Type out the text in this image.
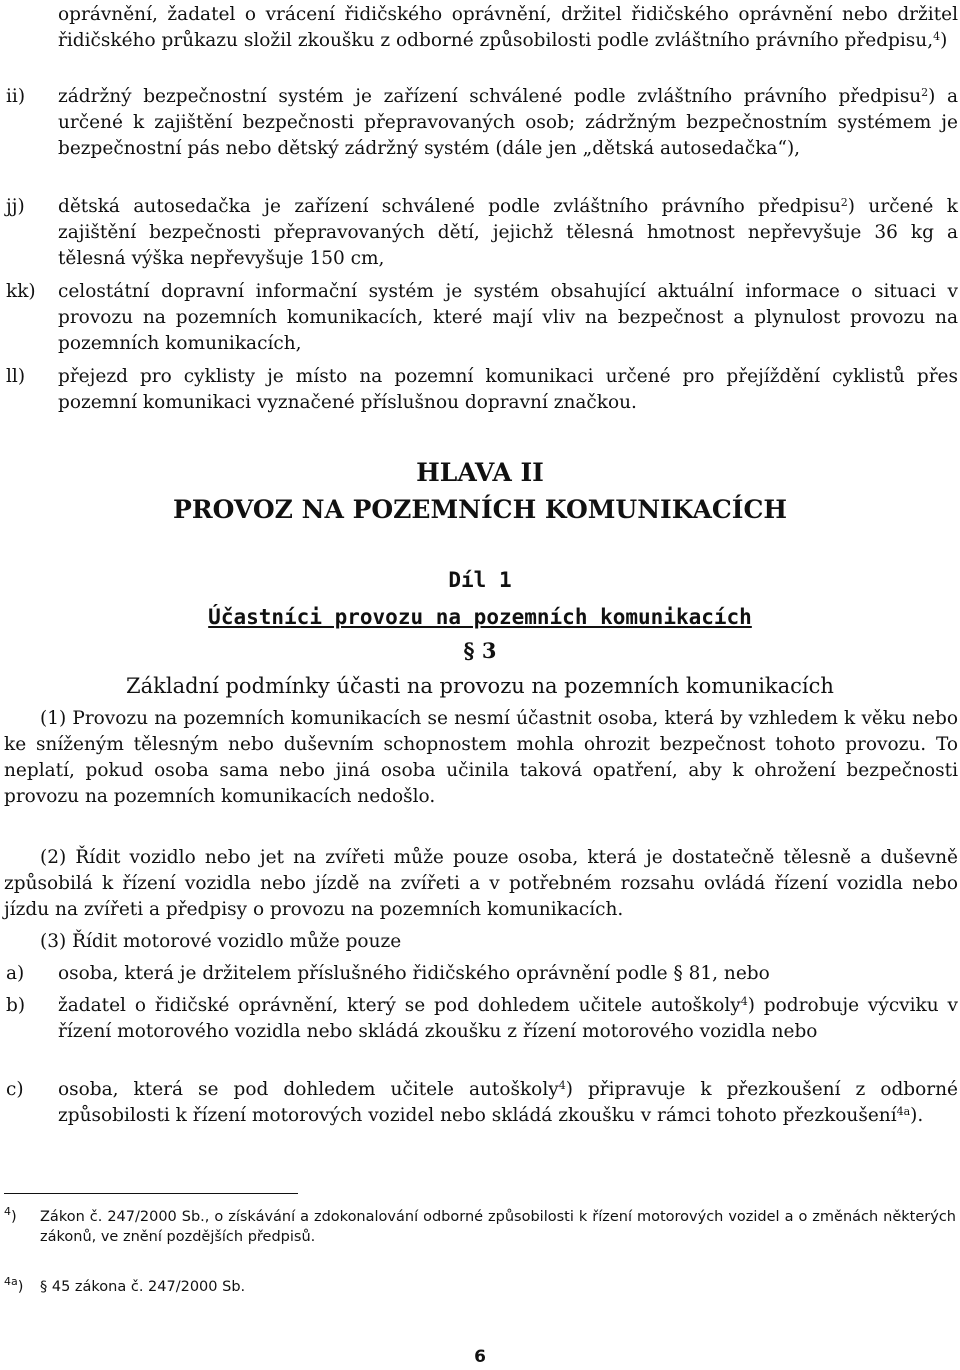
oprávnění, žadatel o vrácení řidičského oprávnění, držitel řidičského oprávnění nebo držitel řidičského průkazu složil zkoušku z odborné způsobilosti podle zvláštního právního předpisu,$^4$)
ii) zádržný bezpečnostní systém je zařízení schválené podle zvláštního právního předpisu$^2$) a určené k zajištění bezpečnosti přepravovaných osob; zádržným bezpečnostním systémem je bezpečnostní pás nebo dětský zádržný systém (dále jen „dětská autosedačka“),
jj) dětská autosedačka je zařízení schválené podle zvláštního právního předpisu$^2$) určené k zajištění bezpečnosti přepravovaných dětí, jejichž tělesná hmotnost nepřevyšuje 36 kg a tělesná výška nepřevyšuje 150 cm,
kk) celostátní dopravní informační systém je systém obsahující aktuální informace o situaci v provozu na pozemních komunikacích, které mají vliv na bezpečnost a plynulost provozu na pozemních komunikacích,
ll) přejezd pro cyklisty je místo na pozemní komunikaci určené pro přejíždění cyklistů přes pozemní komunikaci vyznačené příslušnou dopravní značkou.
HLAVA II
PROVOZ NA POZEMNÍCH KOMUNIKACÍCH
Díl 1
Účastníci provozu na pozemních komunikacích
§ 3
Základní podmínky účasti na provozu na pozemních komunikacích
(1) Provozu na pozemních komunikacích se nesmí účastnit osoba, která by vzhledem k věku nebo ke sníženým tělesným nebo duševním schopnostem mohla ohrozit bezpečnost tohoto provozu. To neplatí, pokud osoba sama nebo jiná osoba učinila taková opatření, aby k ohrožení bezpečnosti provozu na pozemních komunikacích nedošlo.
(2) Řídit vozidlo nebo jet na zvířeti může pouze osoba, která je dostatečně tělesně a duševně způsobilá k řízení vozidla nebo jízdě na zvířeti a v potřebném rozsahu ovládá řízení vozidla nebo jízdu na zvířeti a předpisy o provozu na pozemních komunikacích.
(3) Řídit motorové vozidlo může pouze
a) osoba, která je držitelem příslušného řidičského oprávnění podle § 81, nebo
b) žadatel o řidičské oprávnění, který se pod dohledem učitele autoškoly$^4$) podrobuje výcviku v řízení motorového vozidla nebo skládá zkoušku z řízení motorového vozidla nebo
c) osoba, která se pod dohledem učitele autoškoly$^4$) připravuje k přezkoušení z odborné způsobilosti k řízení motorových vozidel nebo skládá zkoušku v rámci tohoto přezkoušení$^{4a}$).
$^4$) Zákon č. 247/2000 Sb., o získávání a zdokonalování odborné způsobilosti k řízení motorových vozidel a o změnách některých zákonů, ve znění pozdějších předpisů.
$^{4a}$) § 45 zákona č. 247/2000 Sb.
6
